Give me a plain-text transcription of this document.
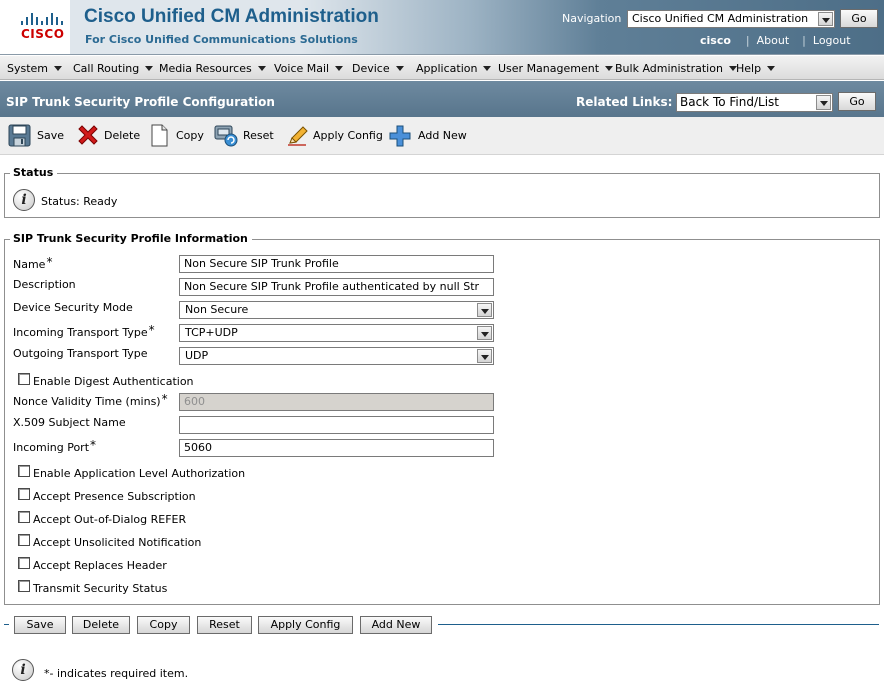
CISCO
Cisco Unified CM Administration
For Cisco Unified Communications Solutions
Navigation Cisco Unified CM Administration	Go
cisco | About | Logout
System	Call Routing	Media Resources	Voice Mail	Device	Application	User Management	Bulk Administration	Help
SIP Trunk Security Profile Configuration	Related Links: Back To Find/List	Go
Save	Delete	Copy	Reset	Apply Config	Add New
Status
i	Status: Ready
SIP Trunk Security Profile Information
Name*	Non Secure SIP Trunk Profile
Description	Non Secure SIP Trunk Profile authenticated by null Str
Device Security Mode	Non Secure
Incoming Transport Type*	TCP+UDP
Outgoing Transport Type	UDP
Enable Digest Authentication
Nonce Validity Time (mins)*	600
X.509 Subject Name
Incoming Port*	5060
Enable Application Level Authorization
Accept Presence Subscription
Accept Out-of-Dialog REFER
Accept Unsolicited Notification
Accept Replaces Header
Transmit Security Status
Save	Delete	Copy	Reset	Apply Config	Add New
i	*- indicates required item.
